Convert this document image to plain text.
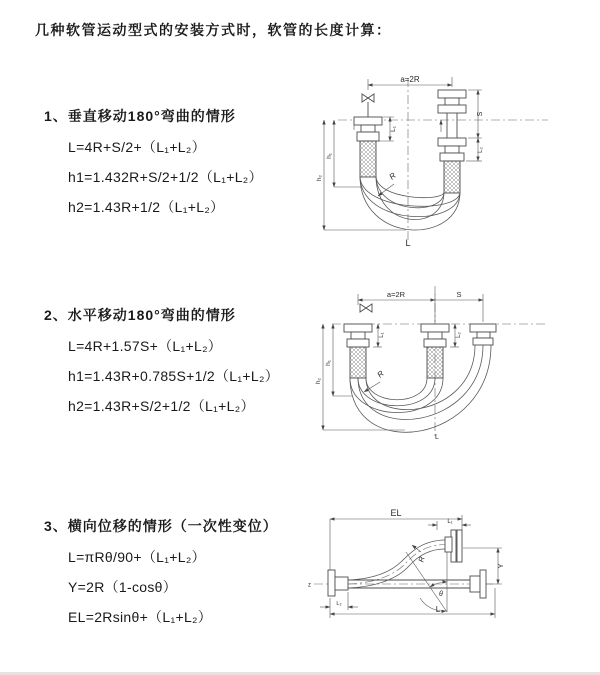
几种软管运动型式的安装方式时，软管的长度计算：
1、垂直移动180°弯曲的情形
L=4R+S/2+（L₁+L₂）
h1=1.432R+S/2+1/2（L₁+L₂）
h2=1.43R+1/2（L₁+L₂）
2、水平移动180°弯曲的情形
L=4R+1.57S+（L₁+L₂）
h1=1.43R+0.785S+1/2（L₁+L₂）
h2=1.43R+S/2+1/2（L₁+L₂）
3、横向位移的情形（一次性变位）
L=πRθ/90+（L₁+L₂）
Y=2R（1-cosθ）
EL=2Rsinθ+（L₁+L₂）
a=2R
L₁
S
L₂
h₁
h₂	R
L
a=2R	S
L₁	L₂
h₁
h₂
R
L
EL
L₁
Y
z
R
θ
L₂
L
